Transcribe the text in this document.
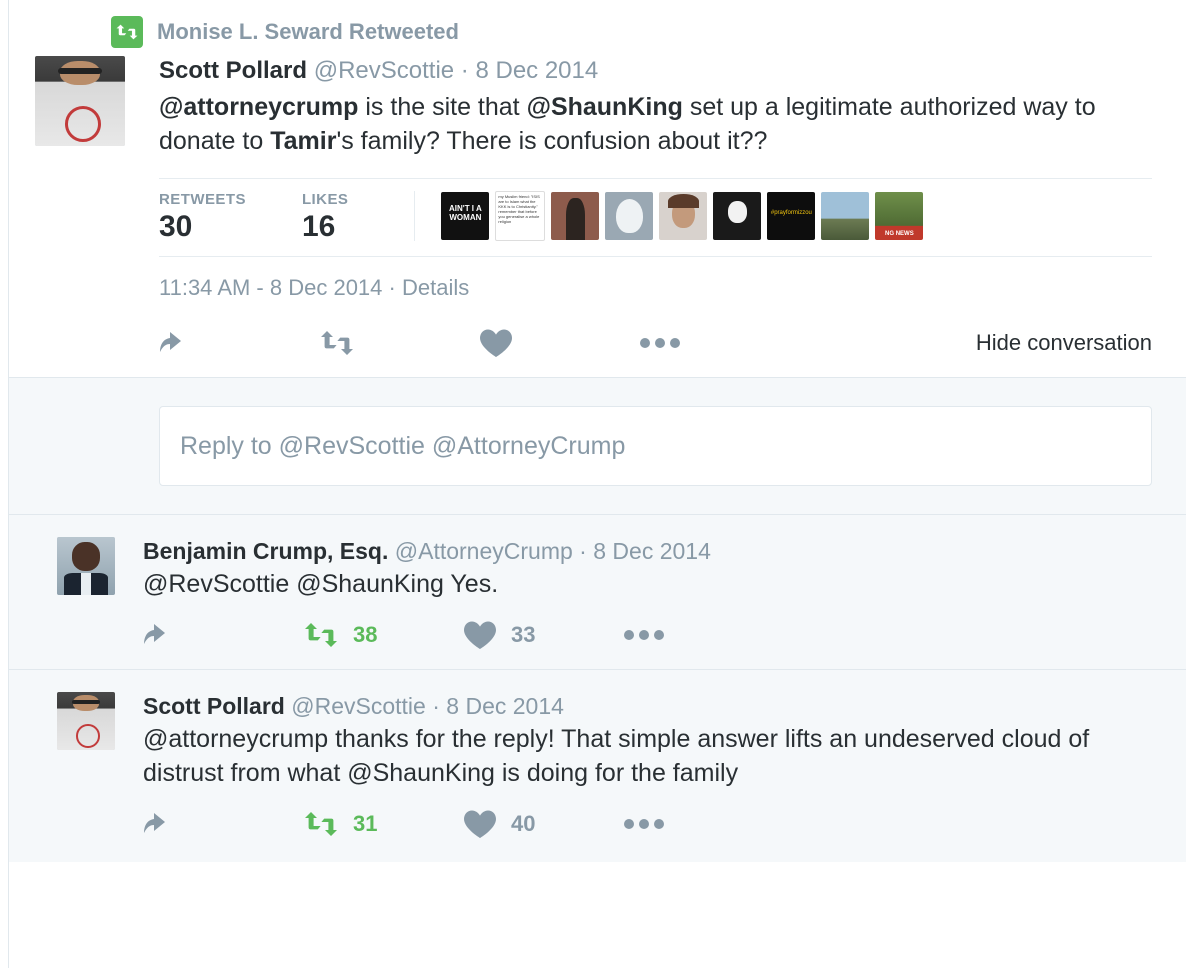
Monise L. Seward Retweeted
Scott Pollard @RevScottie · 8 Dec 2014
@attorneycrump is the site that @ShaunKing set up a legitimate authorized way to donate to Tamir's family? There is confusion about it??
RETWEETS
30
LIKES
16
AIN'T I A WOMAN
my Muslim friend: "ISIS are to Islam what the KKK is to Christianity." remember that before you generalise a whole religion
#prayformizzou
NG NEWS
11:34 AM - 8 Dec 2014 · Details
Hide conversation
Reply to @RevScottie @AttorneyCrump
Benjamin Crump, Esq. @AttorneyCrump · 8 Dec 2014
@RevScottie @ShaunKing Yes.
38	33
Scott Pollard @RevScottie · 8 Dec 2014
@attorneycrump thanks for the reply! That simple answer lifts an undeserved cloud of distrust from what @ShaunKing is doing for the family
31	40
